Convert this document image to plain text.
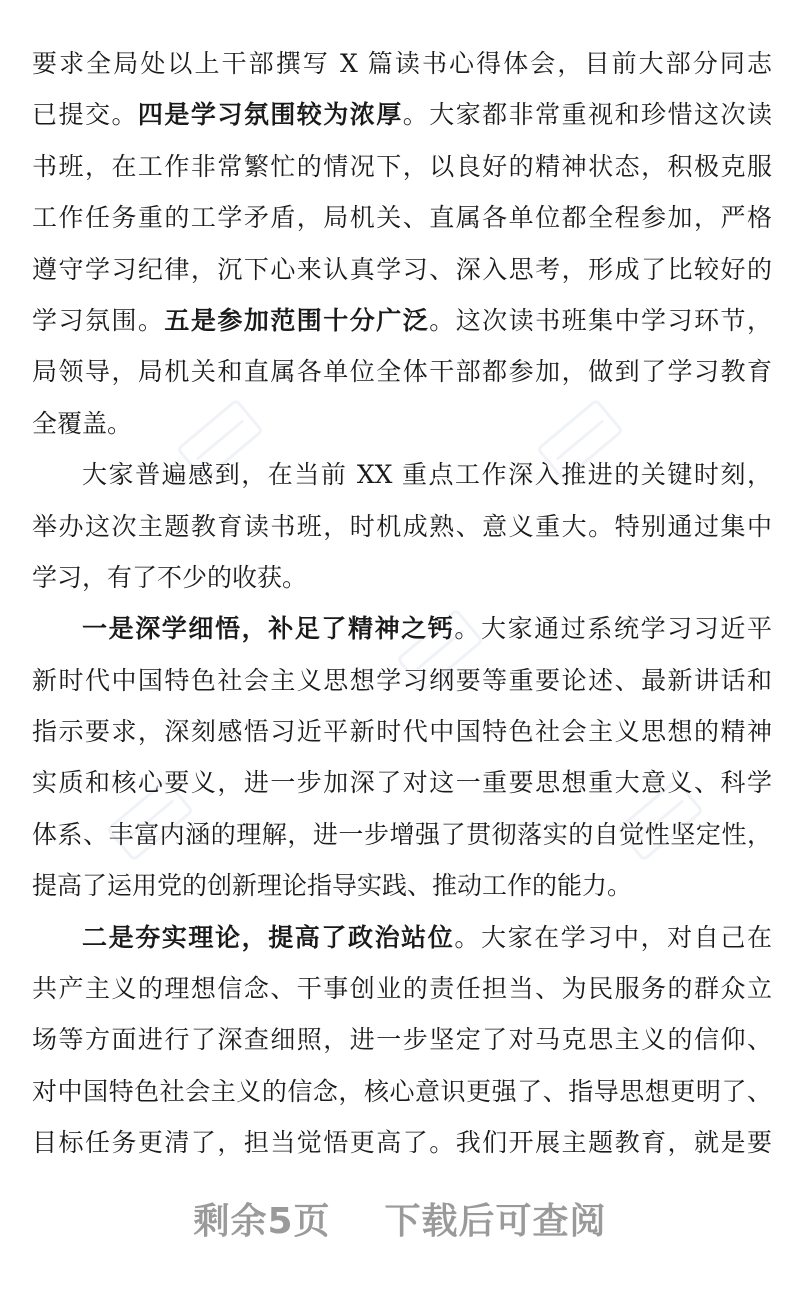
要求全局处以上干部撰写 X 篇读书心得体会，目前大部分同志
已提交。四是学习氛围较为浓厚。大家都非常重视和珍惜这次读
书班，在工作非常繁忙的情况下，以良好的精神状态，积极克服
工作任务重的工学矛盾，局机关、直属各单位都全程参加，严格
遵守学习纪律，沉下心来认真学习、深入思考，形成了比较好的
学习氛围。五是参加范围十分广泛。这次读书班集中学习环节，
局领导，局机关和直属各单位全体干部都参加，做到了学习教育
全覆盖。
大家普遍感到，在当前 XX 重点工作深入推进的关键时刻，
举办这次主题教育读书班，时机成熟、意义重大。特别通过集中
学习，有了不少的收获。
一是深学细悟，补足了精神之钙。大家通过系统学习习近平
新时代中国特色社会主义思想学习纲要等重要论述、最新讲话和
指示要求，深刻感悟习近平新时代中国特色社会主义思想的精神
实质和核心要义，进一步加深了对这一重要思想重大意义、科学
体系、丰富内涵的理解，进一步增强了贯彻落实的自觉性坚定性，
提高了运用党的创新理论指导实践、推动工作的能力。
二是夯实理论，提高了政治站位。大家在学习中，对自己在
共产主义的理想信念、干事创业的责任担当、为民服务的群众立
场等方面进行了深查细照，进一步坚定了对马克思主义的信仰、
对中国特色社会主义的信念，核心意识更强了、指导思想更明了、
目标任务更清了，担当觉悟更高了。我们开展主题教育，就是要
剩余5页 下载后可查阅
